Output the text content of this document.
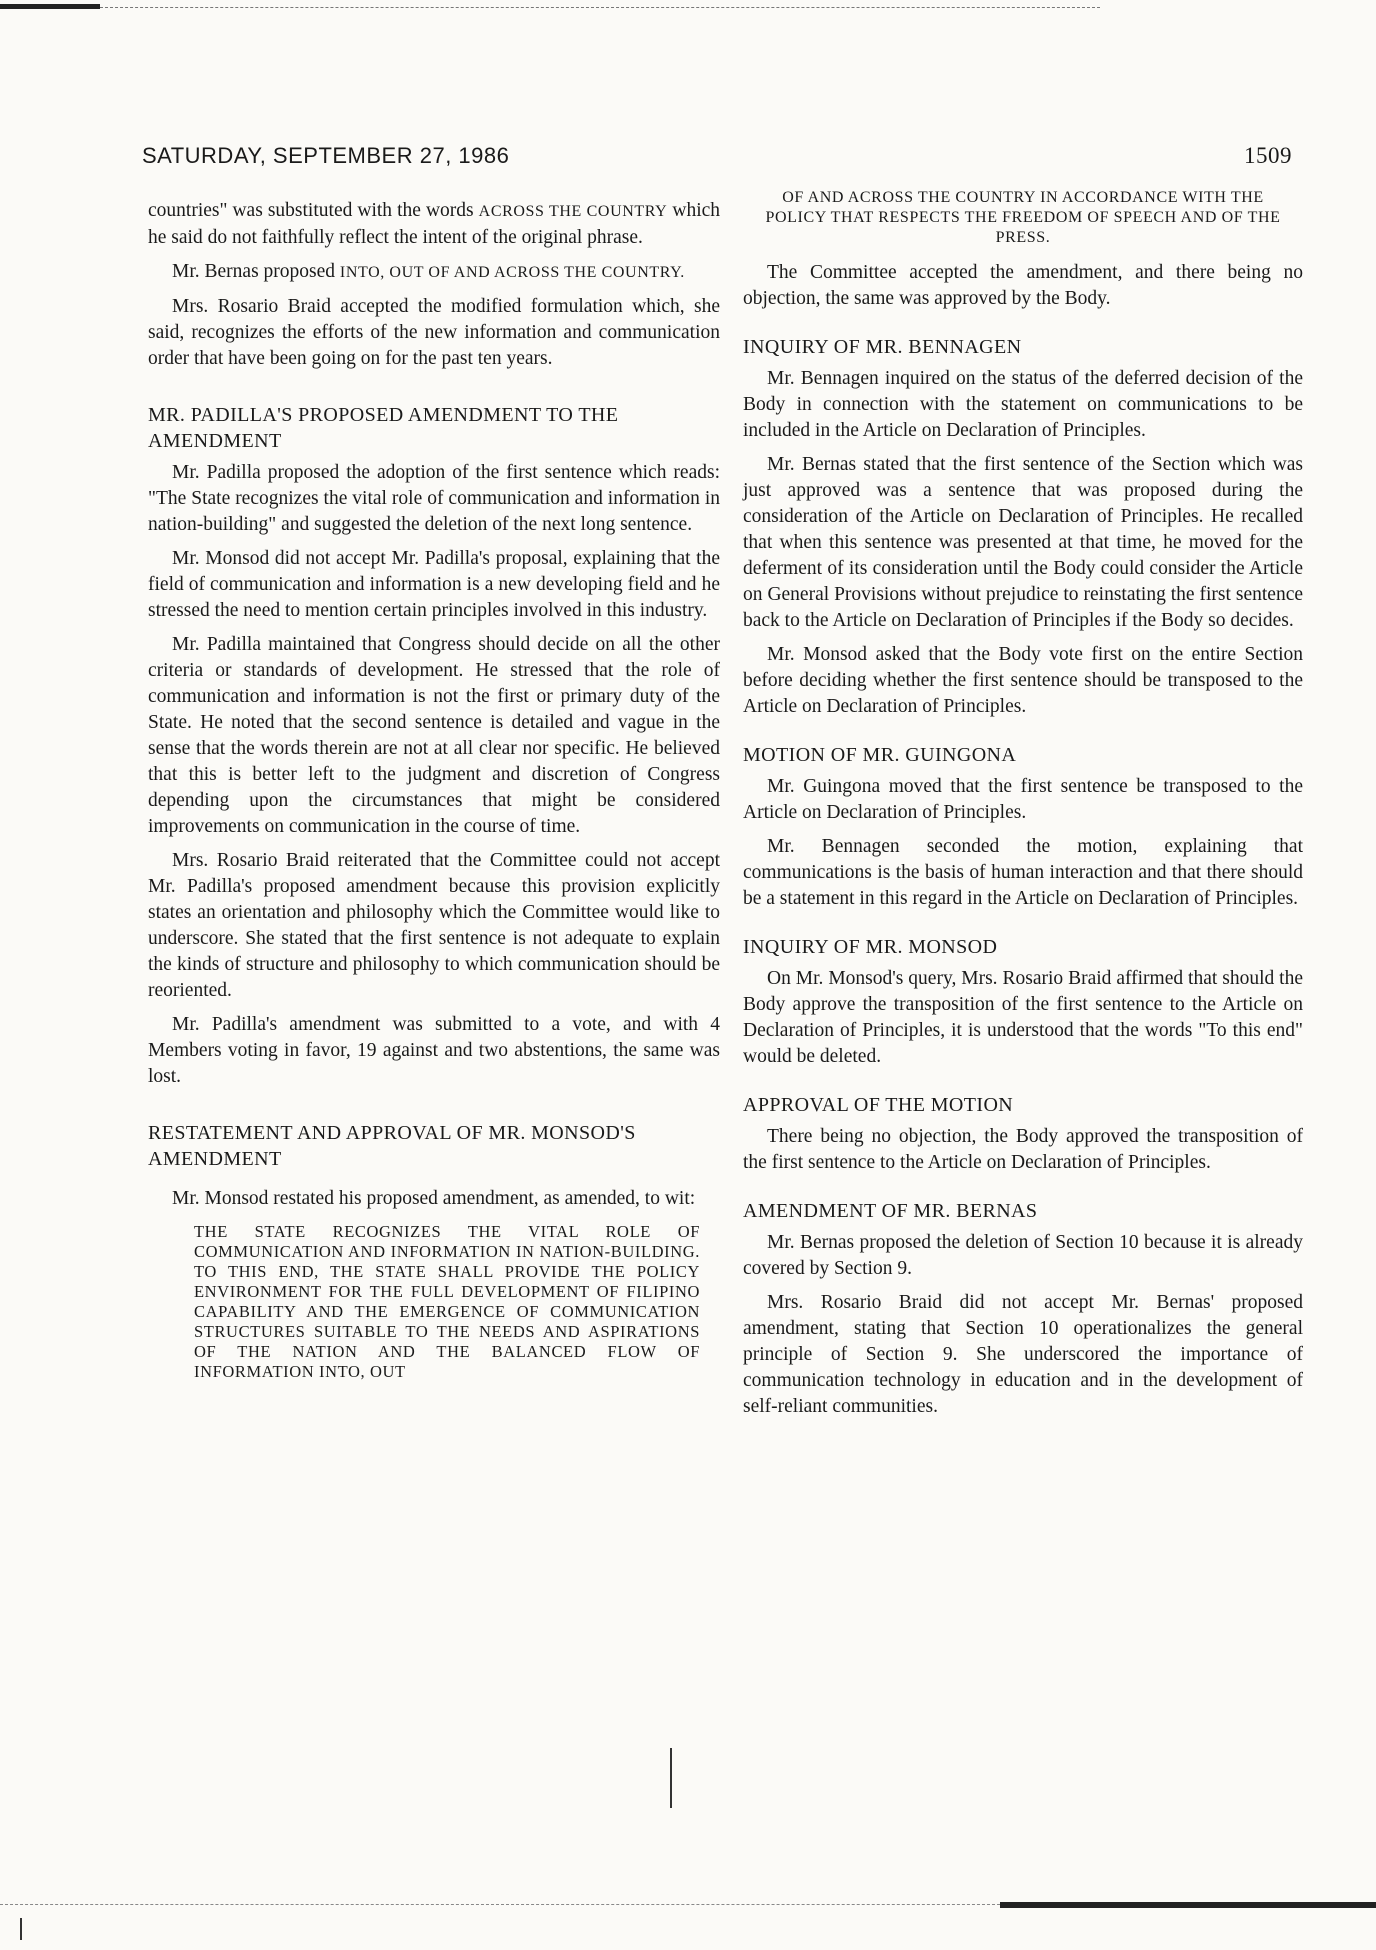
SATURDAY, SEPTEMBER 27, 1986	1509

countries" was substituted with the words ACROSS THE COUNTRY which he said do not faithfully reflect the intent of the original phrase.

Mr. Bernas proposed INTO, OUT OF AND ACROSS THE COUNTRY.

Mrs. Rosario Braid accepted the modified formulation which, she said, recognizes the efforts of the new information and communication order that have been going on for the past ten years.

MR. PADILLA'S PROPOSED AMENDMENT TO THE AMENDMENT

Mr. Padilla proposed the adoption of the first sentence which reads: "The State recognizes the vital role of communication and information in nation-building" and suggested the deletion of the next long sentence.

Mr. Monsod did not accept Mr. Padilla's proposal, explaining that the field of communication and information is a new developing field and he stressed the need to mention certain principles involved in this industry.

Mr. Padilla maintained that Congress should decide on all the other criteria or standards of development. He stressed that the role of communication and information is not the first or primary duty of the State. He noted that the second sentence is detailed and vague in the sense that the words therein are not at all clear nor specific. He believed that this is better left to the judgment and discretion of Congress depending upon the circumstances that might be considered improvements on communication in the course of time.

Mrs. Rosario Braid reiterated that the Committee could not accept Mr. Padilla's proposed amendment because this provision explicitly states an orientation and philosophy which the Committee would like to underscore. She stated that the first sentence is not adequate to explain the kinds of structure and philosophy to which communication should be reoriented.

Mr. Padilla's amendment was submitted to a vote, and with 4 Members voting in favor, 19 against and two abstentions, the same was lost.

RESTATEMENT AND APPROVAL OF MR. MONSOD'S AMENDMENT

Mr. Monsod restated his proposed amendment, as amended, to wit:

THE STATE RECOGNIZES THE VITAL ROLE OF COMMUNICATION AND INFORMATION IN NATION-BUILDING. TO THIS END, THE STATE SHALL PROVIDE THE POLICY ENVIRONMENT FOR THE FULL DEVELOPMENT OF FILIPINO CAPABILITY AND THE EMERGENCE OF COMMUNICATION STRUCTURES SUITABLE TO THE NEEDS AND ASPIRATIONS OF THE NATION AND THE BALANCED FLOW OF INFORMATION INTO, OUT
OF AND ACROSS THE COUNTRY IN ACCORDANCE WITH THE POLICY THAT RESPECTS THE FREEDOM OF SPEECH AND OF THE PRESS.

The Committee accepted the amendment, and there being no objection, the same was approved by the Body.

INQUIRY OF MR. BENNAGEN

Mr. Bennagen inquired on the status of the deferred decision of the Body in connection with the statement on communications to be included in the Article on Declaration of Principles.

Mr. Bernas stated that the first sentence of the Section which was just approved was a sentence that was proposed during the consideration of the Article on Declaration of Principles. He recalled that when this sentence was presented at that time, he moved for the deferment of its consideration until the Body could consider the Article on General Provisions without prejudice to reinstating the first sentence back to the Article on Declaration of Principles if the Body so decides.

Mr. Monsod asked that the Body vote first on the entire Section before deciding whether the first sentence should be transposed to the Article on Declaration of Principles.

MOTION OF MR. GUINGONA

Mr. Guingona moved that the first sentence be transposed to the Article on Declaration of Principles.

Mr. Bennagen seconded the motion, explaining that communications is the basis of human interaction and that there should be a statement in this regard in the Article on Declaration of Principles.

INQUIRY OF MR. MONSOD

On Mr. Monsod's query, Mrs. Rosario Braid affirmed that should the Body approve the transposition of the first sentence to the Article on Declaration of Principles, it is understood that the words "To this end" would be deleted.

APPROVAL OF THE MOTION

There being no objection, the Body approved the transposition of the first sentence to the Article on Declaration of Principles.

AMENDMENT OF MR. BERNAS

Mr. Bernas proposed the deletion of Section 10 because it is already covered by Section 9.

Mrs. Rosario Braid did not accept Mr. Bernas' proposed amendment, stating that Section 10 operationalizes the general principle of Section 9. She underscored the importance of communication technology in education and in the development of self-reliant communities.
